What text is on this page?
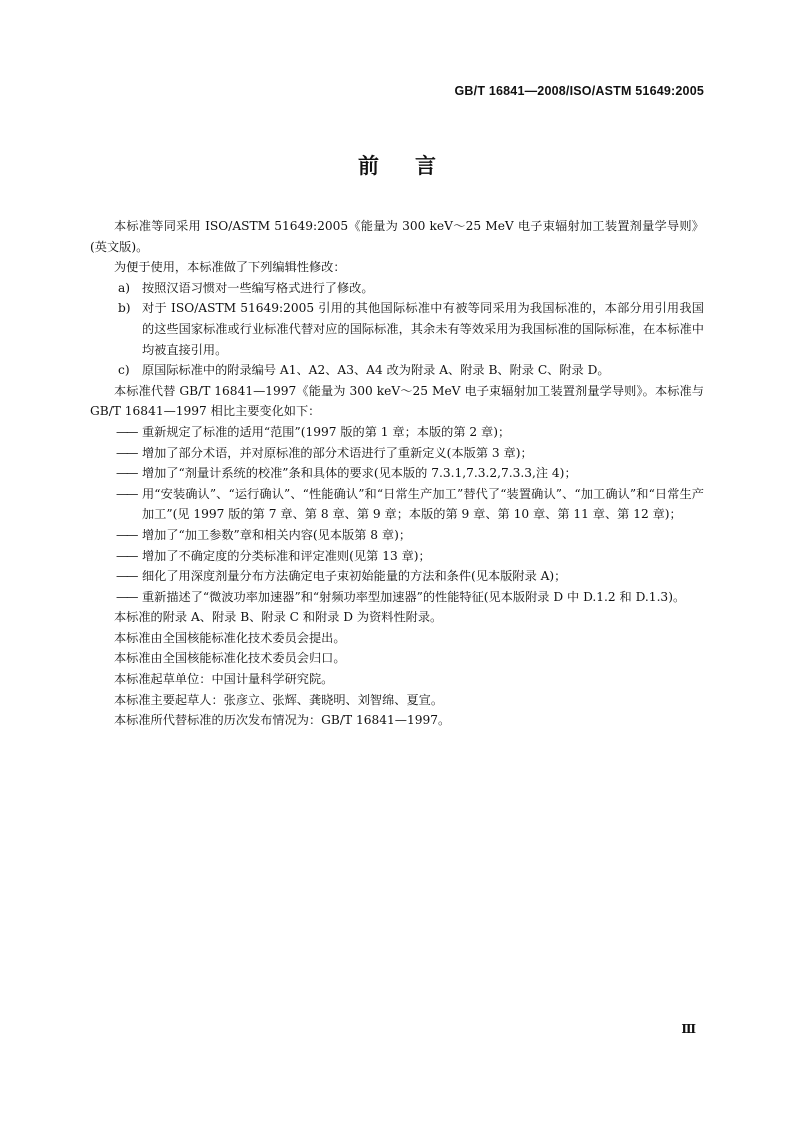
GB/T 16841—2008/ISO/ASTM 51649:2005
前言

本标准等同采用 ISO/ASTM 51649:2005《能量为 300 keV～25 MeV 电子束辐射加工装置剂量学导则》(英文版)。

为便于使用，本标准做了下列编辑性修改：

a) 按照汉语习惯对一些编写格式进行了修改。

b) 对于 ISO/ASTM 51649:2005 引用的其他国际标准中有被等同采用为我国标准的，本部分用引用我国的这些国家标准或行业标准代替对应的国际标准，其余未有等效采用为我国标准的国际标准，在本标准中均被直接引用。

c) 原国际标准中的附录编号 A1、A2、A3、A4 改为附录 A、附录 B、附录 C、附录 D。

本标准代替 GB/T 16841—1997《能量为 300 keV～25 MeV 电子束辐射加工装置剂量学导则》。本标准与 GB/T 16841—1997 相比主要变化如下：

—— 重新规定了标准的适用“范围”(1997 版的第 1 章；本版的第 2 章)；

—— 增加了部分术语，并对原标准的部分术语进行了重新定义(本版第 3 章)；

—— 增加了“剂量计系统的校准”条和具体的要求(见本版的 7.3.1,7.3.2,7.3.3,注 4)；

—— 用“安装确认”、“运行确认”、“性能确认”和“日常生产加工”替代了“装置确认”、“加工确认”和“日常生产加工”(见 1997 版的第 7 章、第 8 章、第 9 章；本版的第 9 章、第 10 章、第 11 章、第 12 章)；

—— 增加了“加工参数”章和相关内容(见本版第 8 章)；

—— 增加了不确定度的分类标准和评定准则(见第 13 章)；

—— 细化了用深度剂量分布方法确定电子束初始能量的方法和条件(见本版附录 A)；

—— 重新描述了“微波功率加速器”和“射频功率型加速器”的性能特征(见本版附录 D 中 D.1.2 和 D.1.3)。

本标准的附录 A、附录 B、附录 C 和附录 D 为资料性附录。

本标准由全国核能标准化技术委员会提出。

本标准由全国核能标准化技术委员会归口。

本标准起草单位：中国计量科学研究院。

本标准主要起草人：张彦立、张辉、龚晓明、刘智绵、夏宣。

本标准所代替标准的历次发布情况为：GB/T 16841—1997。

Ⅲ
